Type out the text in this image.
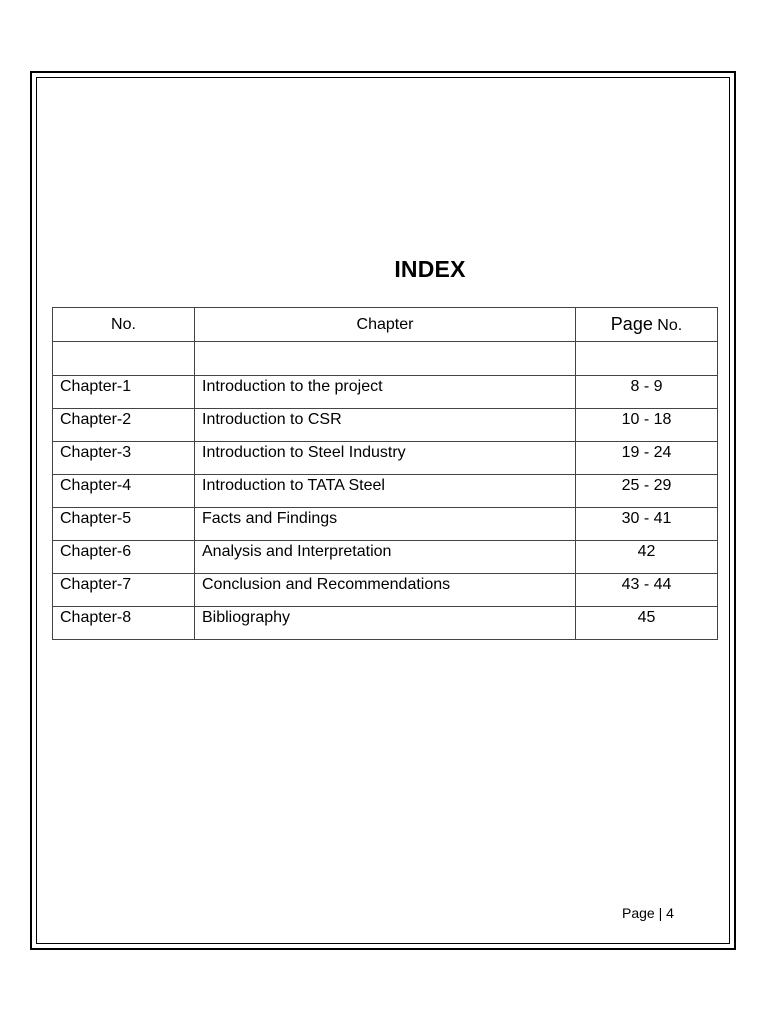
INDEX
No.	Chapter	Page No.

Chapter-1	Introduction to the project	8 - 9
Chapter-2	Introduction to CSR	10 - 18
Chapter-3	Introduction to Steel Industry	19 - 24
Chapter-4	Introduction to TATA Steel	25 - 29
Chapter-5	Facts and Findings	30 - 41
Chapter-6	Analysis and Interpretation	42
Chapter-7	Conclusion and Recommendations	43 - 44
Chapter-8	Bibliography	45
Page | 4
